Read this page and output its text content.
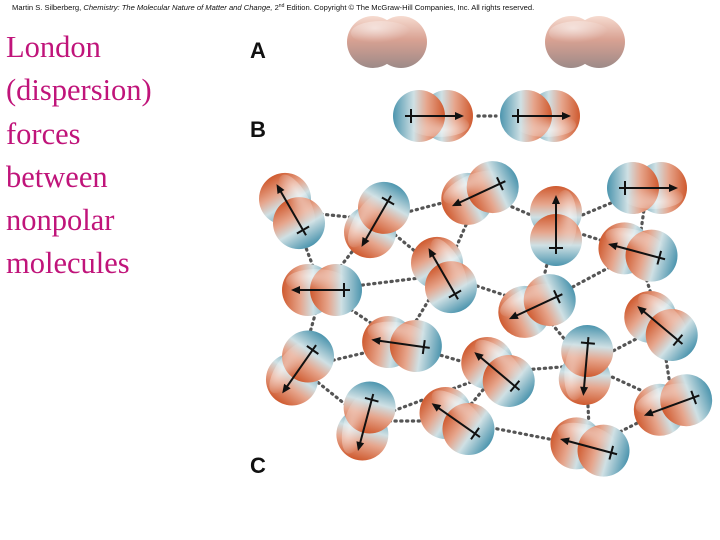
Martin S. Silberberg, Chemistry: The Molecular Nature of Matter and Change, 2nd Edition. Copyright © The McGraw-Hill Companies, Inc. All rights reserved.
London
(dispersion)
forces
between
nonpolar
molecules
A
B
C
